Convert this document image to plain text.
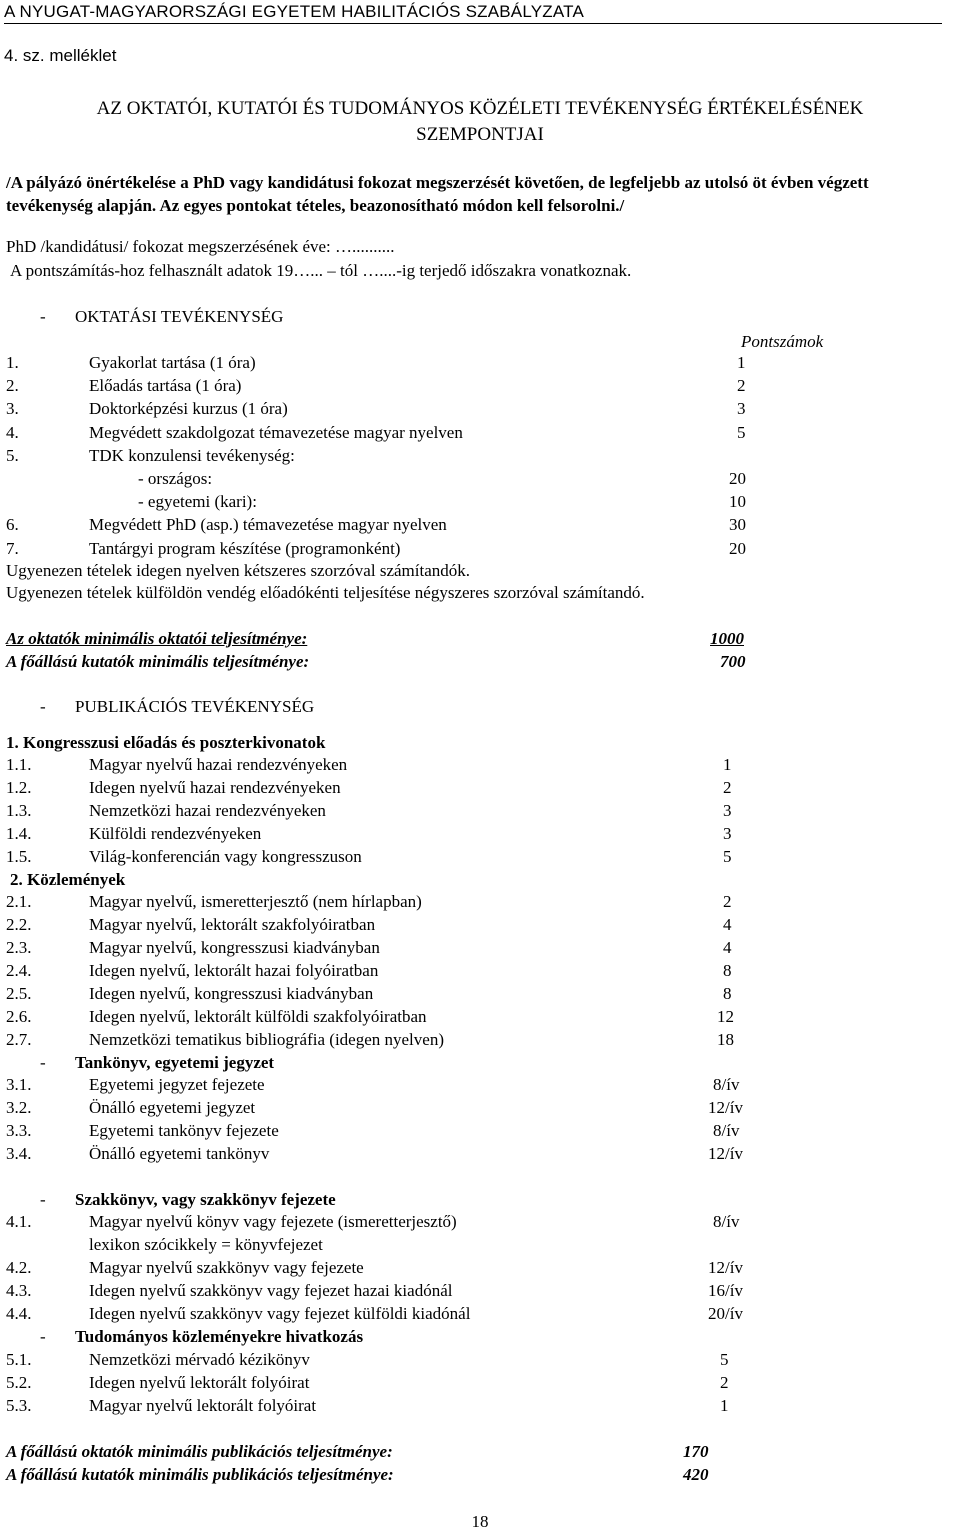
A NYUGAT-MAGYARORSZÁGI EGYETEM HABILITÁCIÓS SZABÁLYZATA
4. sz. melléklet
AZ OKTATÓI, KUTATÓI ÉS TUDOMÁNYOS KÖZÉLETI TEVÉKENYSÉG ÉRTÉKELÉSÉNEK
SZEMPONTJAI
/A pályázó önértékelése a PhD vagy kandidátusi fokozat megszerzését követően, de legfeljebb az utolsó öt évben végzett tevékenység alapján. Az egyes pontokat tételes, beazonosítható módon kell felsorolni./
PhD /kandidátusi/ fokozat megszerzésének éve: …..........
A pontszámítás-hoz felhasznált adatok 19…... – tól …....-ig terjedő időszakra vonatkoznak.
- OKTATÁSI TEVÉKENYSÉG
Pontszámok
1.	Gyakorlat tartása (1 óra)	1
2.	Előadás tartása (1 óra)	2
3.	Doktorképzési kurzus (1 óra)	3
4.	Megvédett szakdolgozat témavezetése magyar nyelven	5
5.	TDK konzulensi tevékenység:
- országos:	20
- egyetemi (kari):	10
6.	Megvédett PhD (asp.) témavezetése magyar nyelven	30
7.	Tantárgyi program készítése (programonként)	20
Ugyenezen tételek idegen nyelven kétszeres szorzóval számítandók.
Ugyenezen tételek külföldön vendég előadókénti teljesítése négyszeres szorzóval számítandó.
Az oktatók minimális oktatói teljesítménye:	1000
A főállású kutatók minimális teljesítménye:	700
- PUBLIKÁCIÓS TEVÉKENYSÉG
1. Kongresszusi előadás és poszterkivonatok
1.1.	Magyar nyelvű hazai rendezvényeken	1
1.2.	Idegen nyelvű hazai rendezvényeken	2
1.3.	Nemzetközi hazai rendezvényeken	3
1.4.	Külföldi rendezvényeken	3
1.5.	Világ-konferencián vagy kongresszuson	5
2. Közlemények
2.1.	Magyar nyelvű, ismeretterjesztő (nem hírlapban)	2
2.2.	Magyar nyelvű, lektorált szakfolyóiratban	4
2.3.	Magyar nyelvű, kongresszusi kiadványban	4
2.4.	Idegen nyelvű, lektorált hazai folyóiratban	8
2.5.	Idegen nyelvű, kongresszusi kiadványban	8
2.6.	Idegen nyelvű, lektorált külföldi szakfolyóiratban	12
2.7.	Nemzetközi tematikus bibliográfia (idegen nyelven)	18
- Tankönyv, egyetemi jegyzet
3.1.	Egyetemi jegyzet fejezete	8/ív
3.2.	Önálló egyetemi jegyzet	12/ív
3.3.	Egyetemi tankönyv fejezete	8/ív
3.4.	Önálló egyetemi tankönyv	12/ív
- Szakkönyv, vagy szakkönyv fejezete
4.1.	Magyar nyelvű könyv vagy fejezete (ismeretterjesztő)	8/ív
lexikon szócikkely = könyvfejezet
4.2.	Magyar nyelvű szakkönyv vagy fejezete	12/ív
4.3.	Idegen nyelvű szakkönyv vagy fejezet hazai kiadónál	16/ív
4.4.	Idegen nyelvű szakkönyv vagy fejezet külföldi kiadónál	20/ív
- Tudományos közleményekre hivatkozás
5.1.	Nemzetközi mérvadó kézikönyv	5
5.2.	Idegen nyelvű lektorált folyóirat	2
5.3.	Magyar nyelvű lektorált folyóirat	1
A főállású oktatók minimális publikációs teljesítménye:	170
A főállású kutatók minimális publikációs teljesítménye:	420
18
